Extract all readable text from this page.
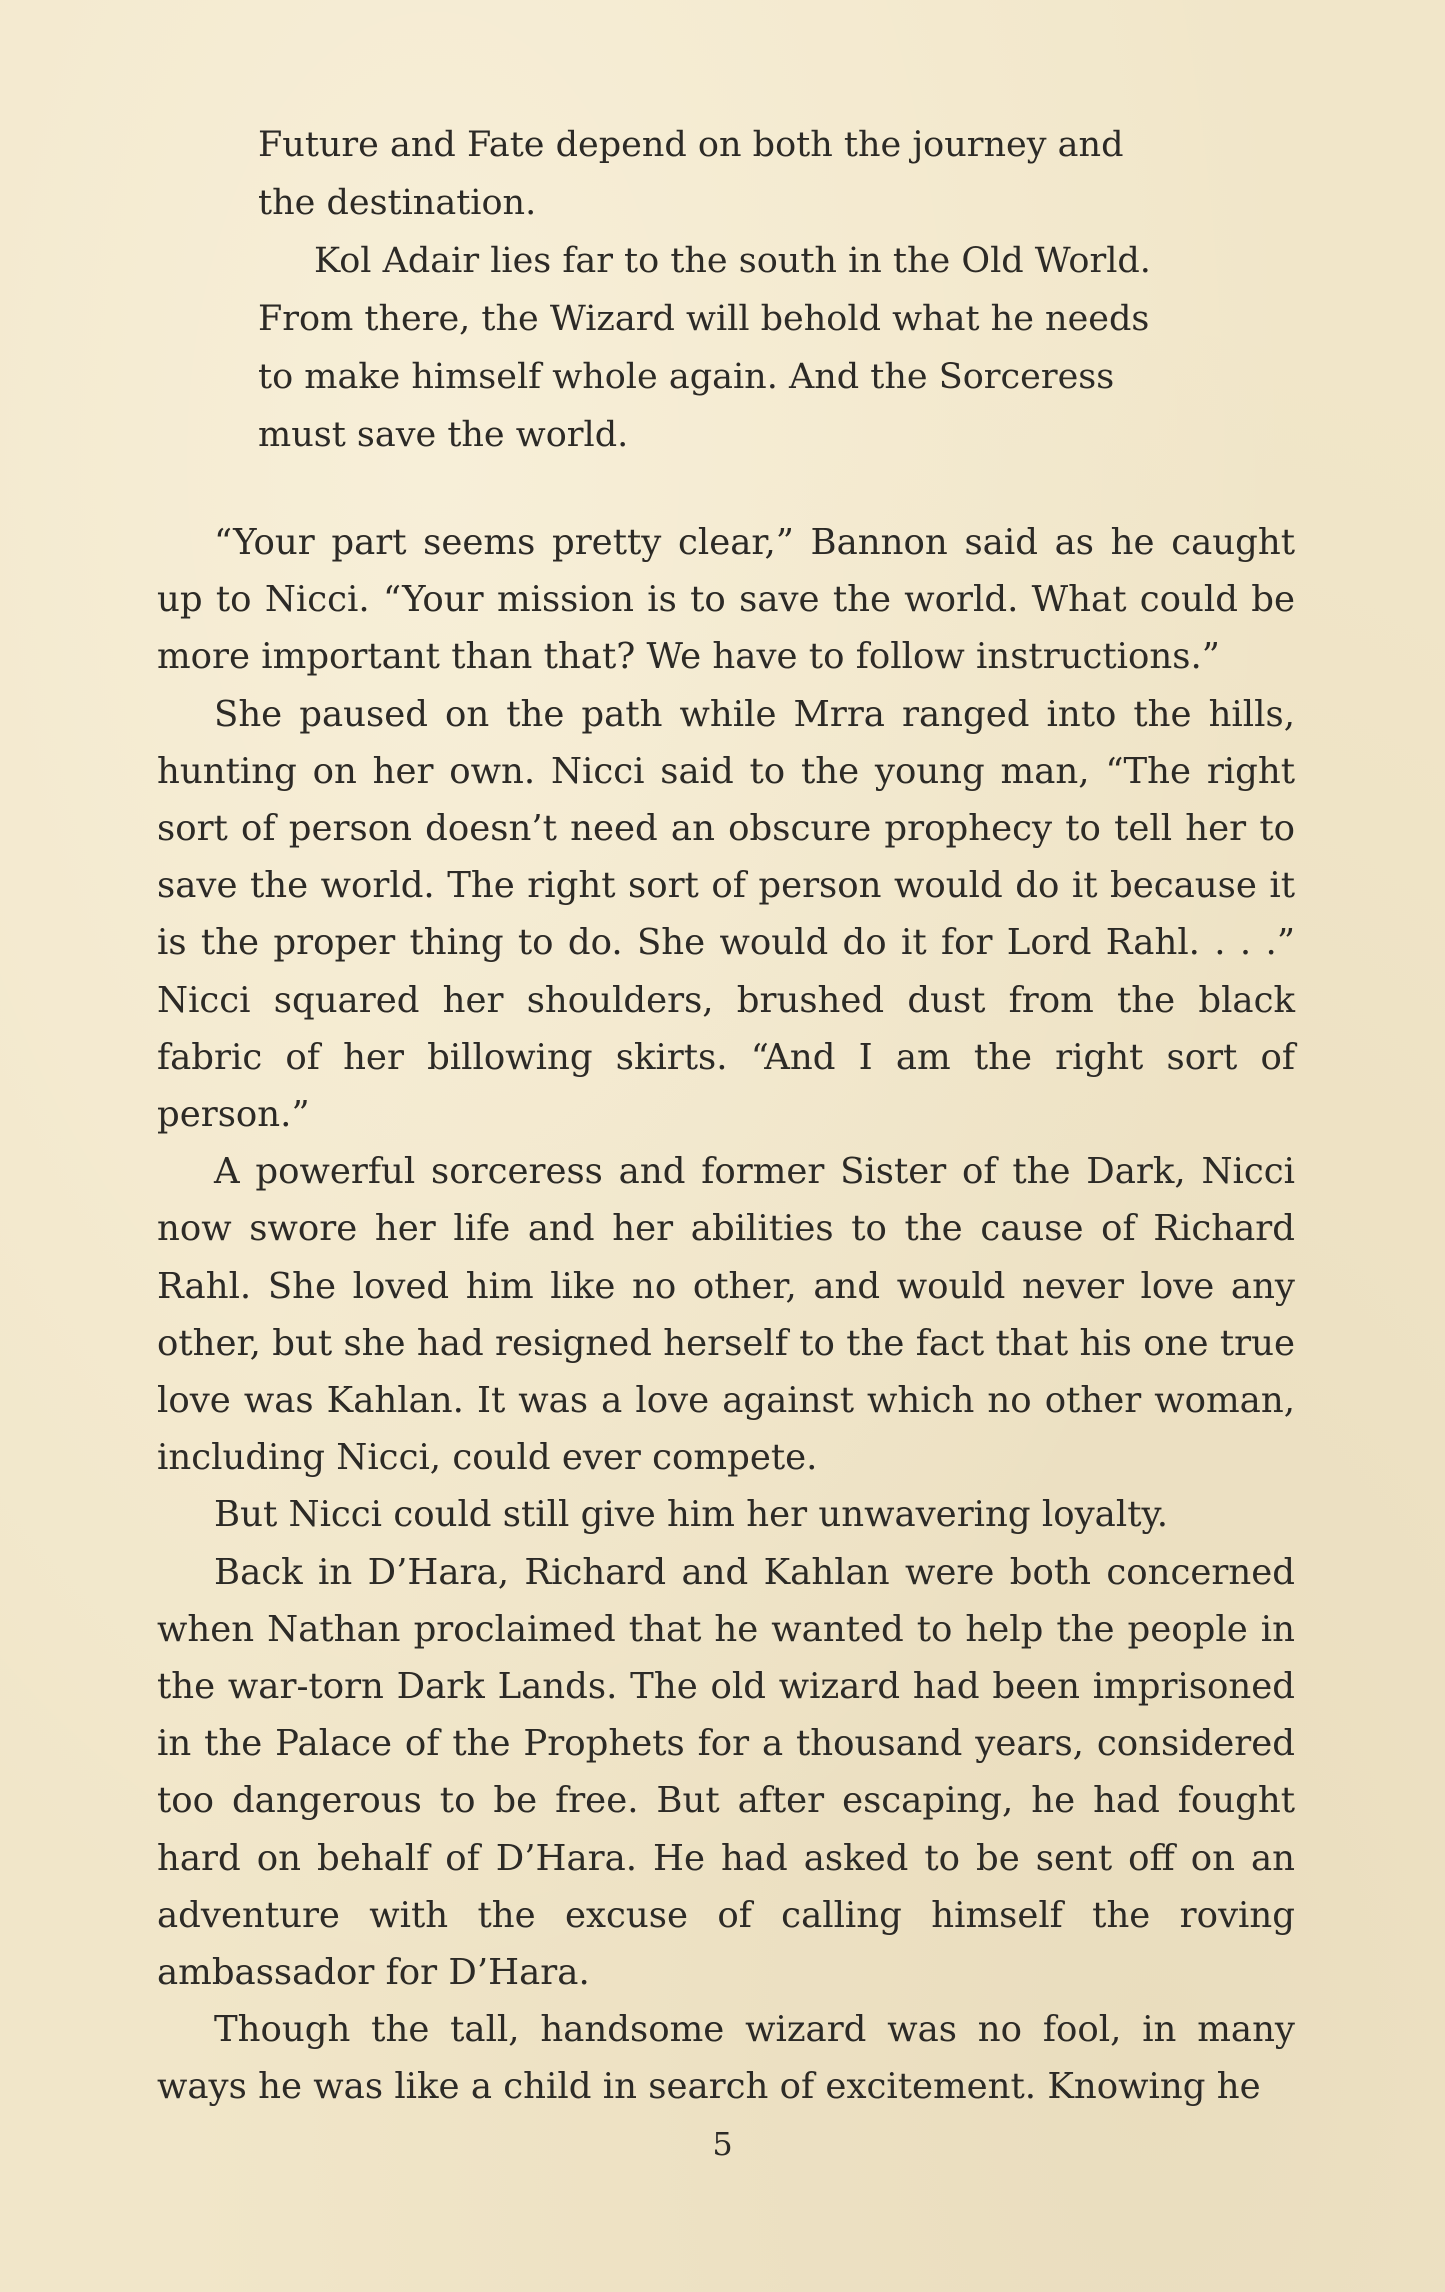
Future and Fate depend on both the journey and

the destination.

Kol Adair lies far to the south in the Old World.

From there, the Wizard will behold what he needs

to make himself whole again. And the Sorceress

must save the world.

“Your part seems pretty clear,” Bannon said as he caught up to Nicci. “Your mission is to save the world. What could be more important than that? We have to follow instructions.”

She paused on the path while Mrra ranged into the hills, hunting on her own. Nicci said to the young man, “The right sort of person doesn’t need an obscure prophecy to tell her to save the world. The right sort of person would do it because it is the proper thing to do. She would do it for Lord Rahl. . . .” Nicci squared her shoulders, brushed dust from the black fabric of her billowing skirts. “And I am the right sort of person.”

A powerful sorceress and former Sister of the Dark, Nicci now swore her life and her abilities to the cause of Richard Rahl. She loved him like no other, and would never love any other, but she had resigned herself to the fact that his one true love was Kahlan. It was a love against which no other woman, including Nicci, could ever compete.

But Nicci could still give him her unwavering loyalty.

Back in D’Hara, Richard and Kahlan were both concerned when Nathan proclaimed that he wanted to help the people in the war-torn Dark Lands. The old wizard had been imprisoned in the Palace of the Prophets for a thousand years, considered too dangerous to be free. But after escaping, he had fought hard on behalf of D’Hara. He had asked to be sent off on an adventure with the excuse of calling himself the roving ambassador for D’Hara.

Though the tall, handsome wizard was no fool, in many ways he was like a child in search of excitement. Knowing he

5
